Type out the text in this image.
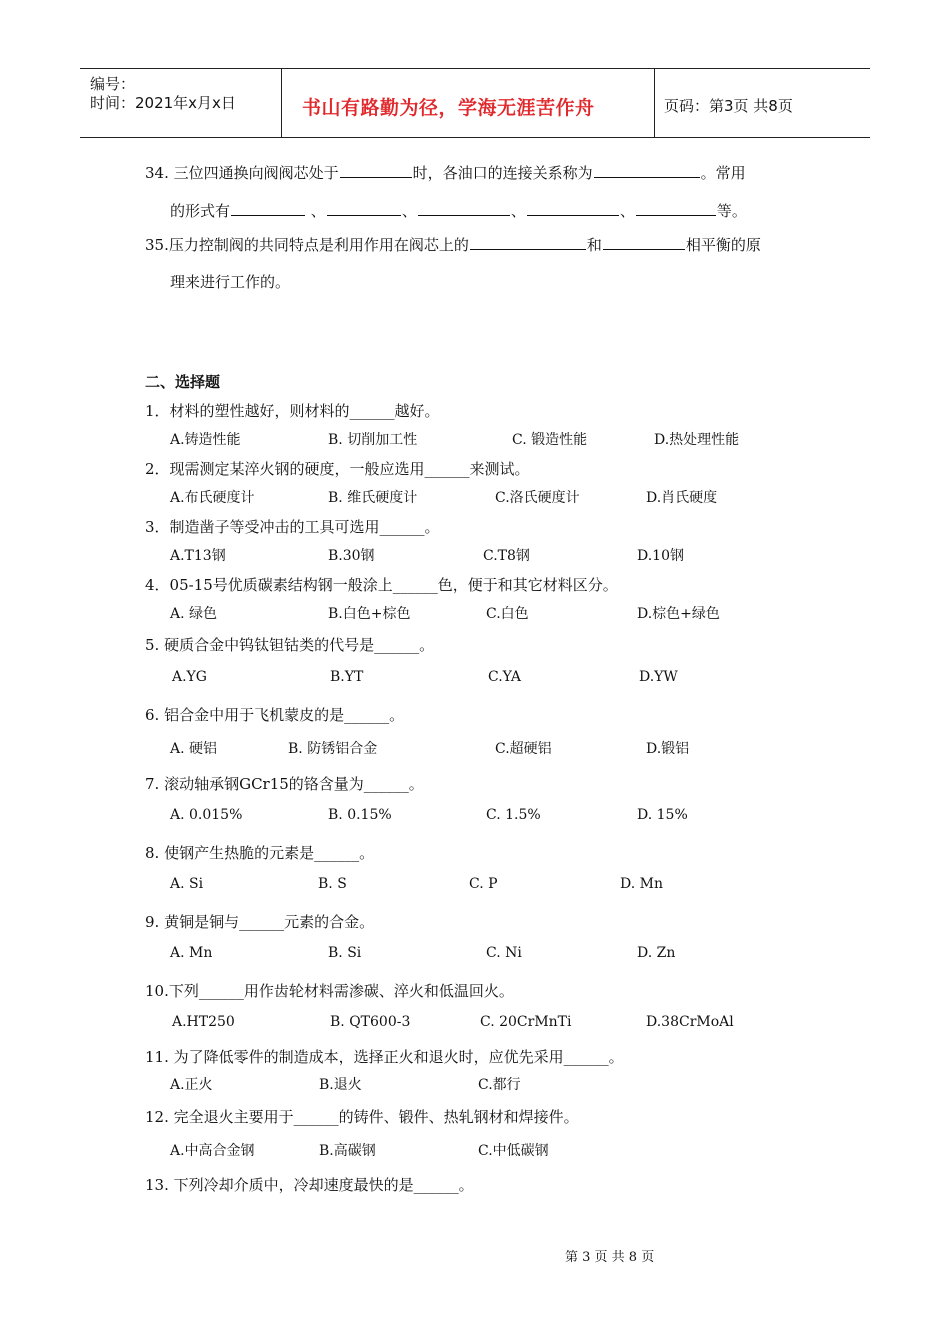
编号：
时间：2021年x月x日	书山有路勤为径，学海无涯苦作舟	页码：第3页 共8页
34. 三位四通换向阀阀芯处于	时，各油口的连接关系称为	。常用
的形式有	、	、	、	、	等。
35.压力控制阀的共同特点是利用作用在阀芯上的	和	相平衡的原
理来进行工作的。
二、选择题
1．材料的塑性越好，则材料的______越好。
A.铸造性能	B. 切削加工性	C. 锻造性能	D.热处理性能
2．现需测定某淬火钢的硬度，一般应选用______来测试。
A.布氏硬度计	B. 维氏硬度计	C.洛氏硬度计	D.肖氏硬度
3．制造凿子等受冲击的工具可选用______。
A.T13钢	B.30钢	C.T8钢	D.10钢
4．05-15号优质碳素结构钢一般涂上______色，便于和其它材料区分。
A. 绿色	B.白色+棕色	C.白色	D.棕色+绿色
5. 硬质合金中钨钛钽钴类的代号是______。
A.YG	B.YT	C.YA	D.YW
6. 铝合金中用于飞机蒙皮的是______。
A. 硬铝	B. 防锈铝合金	C.超硬铝	D.锻铝
7. 滚动轴承钢GCr15的铬含量为______。
A. 0.015%	B. 0.15%	C. 1.5%	D. 15%
8. 使钢产生热脆的元素是______。
A. Si	B. S	C. P	D. Mn
9. 黄铜是铜与______元素的合金。
A. Mn	B. Si	C. Ni	D. Zn
10.下列______用作齿轮材料需渗碳、淬火和低温回火。
A.HT250	B. QT600-3	C. 20CrMnTi	D.38CrMoAl
11. 为了降低零件的制造成本，选择正火和退火时，应优先采用______。
A.正火	B.退火	C.都行
12. 完全退火主要用于______的铸件、锻件、热轧钢材和焊接件。
A.中高合金钢	B.高碳钢	C.中低碳钢
13. 下列冷却介质中，冷却速度最快的是______。
第 3 页 共 8 页
